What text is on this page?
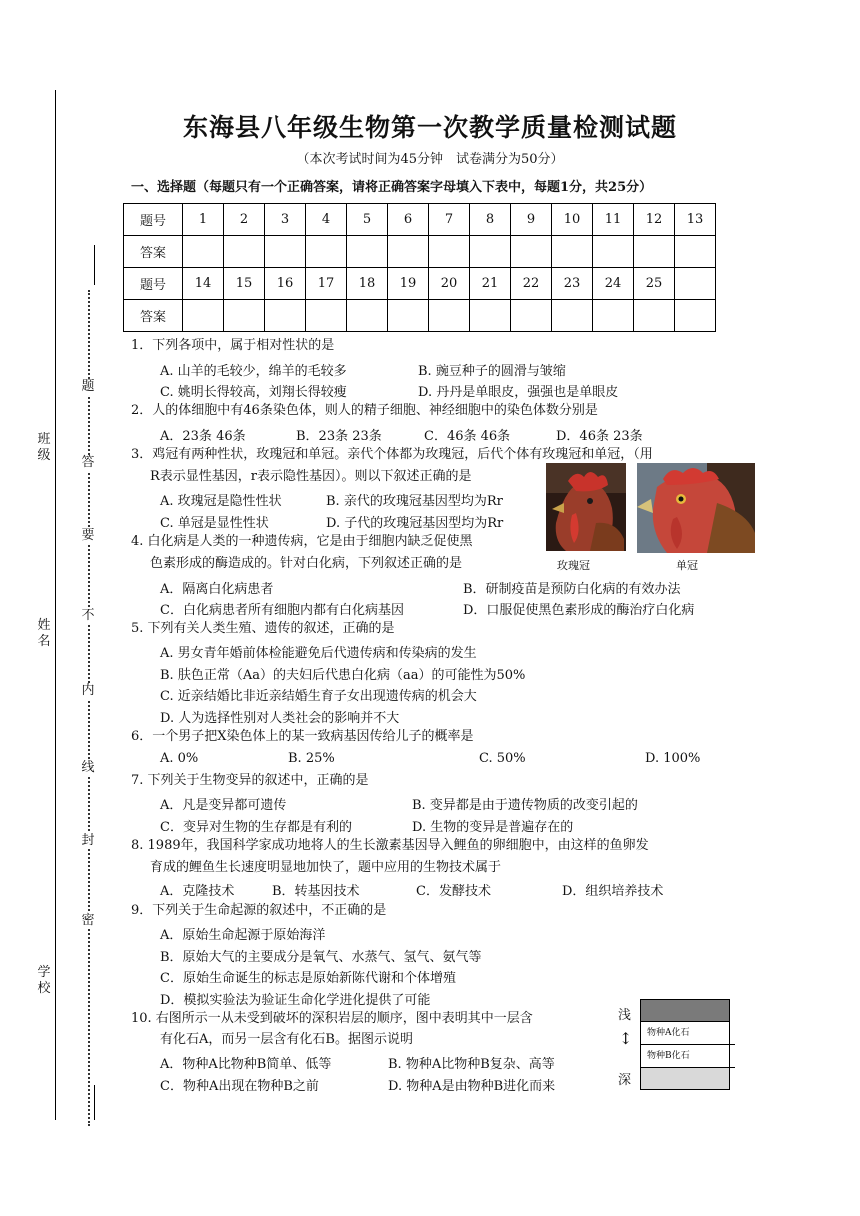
班级
姓名
学校
题
答
要
不
内
线
封
密
东海县八年级生物第一次教学质量检测试题
（本次考试时间为45分钟　试卷满分为50分）
一、选择题（每题只有一个正确答案，请将正确答案字母填入下表中，每题1分，共25分）
题号	1	2	3	4	5	6	7	8	9	10	11	12	13
答案													
题号	14	15	16	17	18	19	20	21	22	23	24	25	
答案													
1．下列各项中，属于相对性状的是
A. 山羊的毛较少，绵羊的毛较多	B. 豌豆种子的圆滑与皱缩
C. 姚明长得较高，刘翔长得较瘦	D. 丹丹是单眼皮，强强也是单眼皮
2．人的体细胞中有46条染色体，则人的精子细胞、神经细胞中的染色体数分别是
A．23条 46条	B．23条 23条	C．46条 46条	D．46条 23条
3．鸡冠有两种性状，玫瑰冠和单冠。亲代个体都为玫瑰冠，后代个体有玫瑰冠和单冠，（用
R表示显性基因，r表示隐性基因）。则以下叙述正确的是
A. 玫瑰冠是隐性性状	B. 亲代的玫瑰冠基因型均为Rr
C. 单冠是显性性状	D. 子代的玫瑰冠基因型均为Rr
玫瑰冠	单冠
4. 白化病是人类的一种遗传病，它是由于细胞内缺乏促使黑
色素形成的酶造成的。针对白化病，下列叙述正确的是
A．隔离白化病患者	B．研制疫苗是预防白化病的有效办法
C．白化病患者所有细胞内都有白化病基因	D．口服促使黑色素形成的酶治疗白化病
5. 下列有关人类生殖、遗传的叙述，正确的是
A. 男女青年婚前体检能避免后代遗传病和传染病的发生
B. 肤色正常（Aa）的夫妇后代患白化病（aa）的可能性为50%
C. 近亲结婚比非近亲结婚生育子女出现遗传病的机会大
D. 人为选择性别对人类社会的影响并不大
6．一个男子把X染色体上的某一致病基因传给儿子的概率是
A. 0%	B. 25%	C. 50%	D. 100%
7. 下列关于生物变异的叙述中，正确的是
A．凡是变异都可遗传	B. 变异都是由于遗传物质的改变引起的
C．变异对生物的生存都是有利的	D. 生物的变异是普遍存在的
8. 1989年，我国科学家成功地将人的生长激素基因导入鲤鱼的卵细胞中，由这样的鱼卵发
育成的鲤鱼生长速度明显地加快了，题中应用的生物技术属于
A．克隆技术	B．转基因技术	C．发酵技术	D．组织培养技术
9．下列关于生命起源的叙述中，不正确的是
A．原始生命起源于原始海洋
B．原始大气的主要成分是氧气、水蒸气、氢气、氨气等
C．原始生命诞生的标志是原始新陈代谢和个体增殖
D．模拟实验法为验证生命化学进化提供了可能
10. 右图所示一从未受到破坏的深积岩层的顺序，图中表明其中一层含
有化石A，而另一层含有化石B。据图示说明
A．物种A比物种B简单、低等	B. 物种A比物种B复杂、高等
C．物种A出现在物种B之前	D. 物种A是由物种B进化而来
浅
↕
深
物种A化石
物种B化石
